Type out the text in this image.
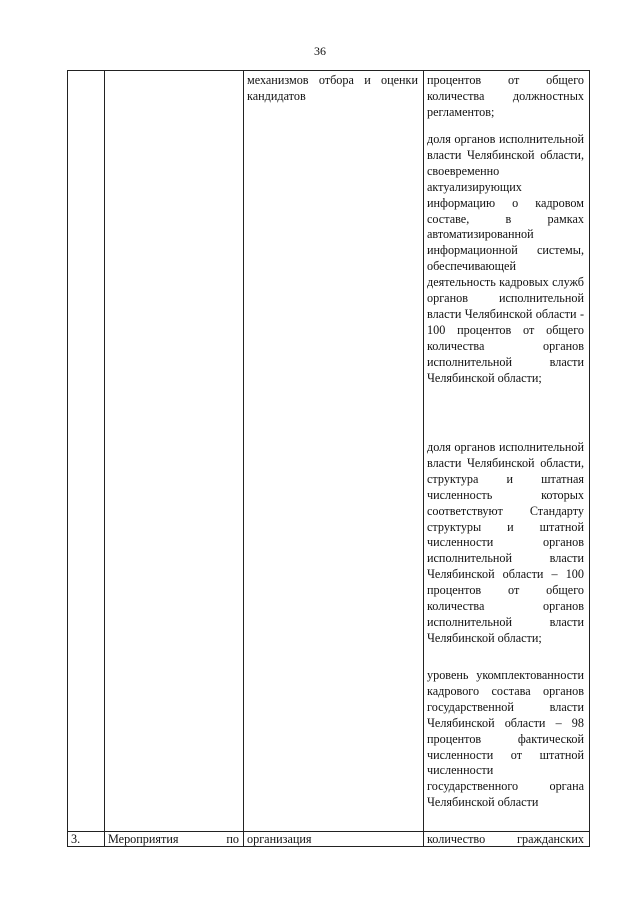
36
механизмов отбора и оценки кандидатов
процентов от общего количества должностных регламентов;
доля органов исполнительной власти Челябинской области, своевременно актуализирующих информацию о кадровом составе, в рамках автоматизированной информационной системы, обеспечивающей деятельность кадровых служб органов исполнительной власти Челябинской области - 100 процентов от общего количества органов исполнительной власти Челябинской области;
доля органов исполнительной власти Челябинской области, структура и штатная численность которых соответствуют Стандарту структуры и штатной численности органов исполнительной власти Челябинской области – 100 процентов от общего количества органов исполнительной власти Челябинской области;
уровень укомплектованности кадрового состава органов государственной власти Челябинской области – 98 процентов фактической численности от штатной численности государственного органа Челябинской области
3. Мероприятия по организация	количество гражданских
